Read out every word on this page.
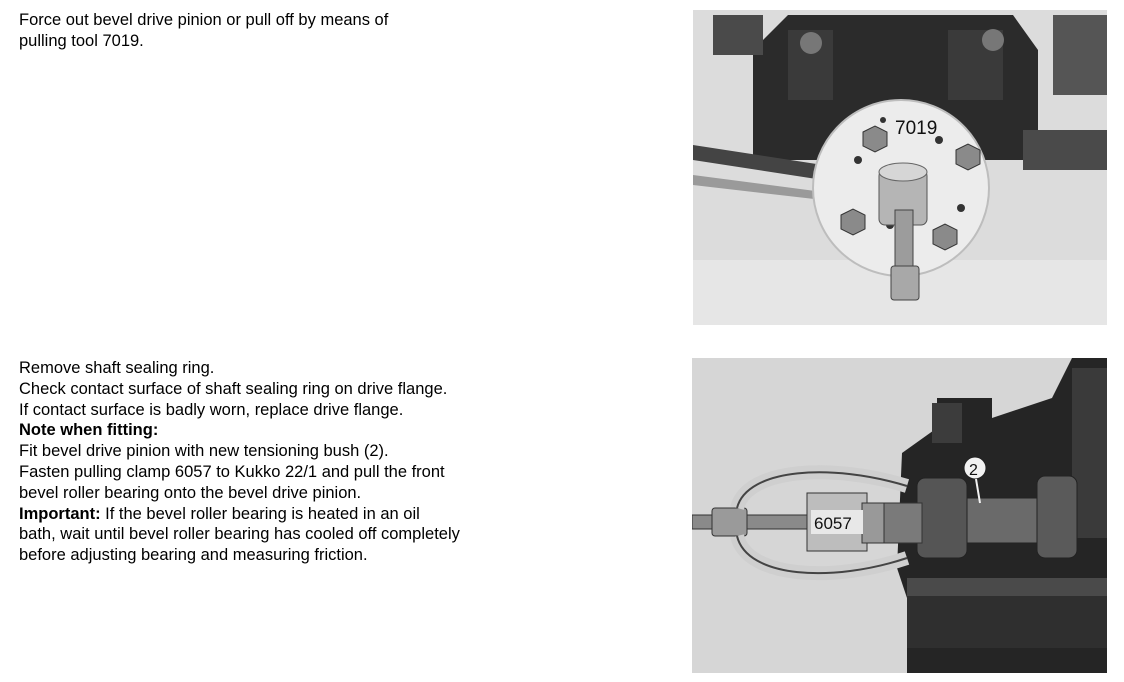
Force out bevel drive pinion or pull off by means of

pulling tool 7019.

Remove shaft sealing ring.

Check contact surface of shaft sealing ring on drive flange.

If contact surface is badly worn, replace drive flange.

Note when fitting:

Fit bevel drive pinion with new tensioning bush (2).

Fasten pulling clamp 6057 to Kukko 22/1 and pull the front

bevel roller bearing onto the bevel drive pinion.

Important: If the bevel roller bearing is heated in an oil

bath, wait until bevel roller bearing has cooled off completely

before adjusting bearing and measuring friction.

7019
6057
2
